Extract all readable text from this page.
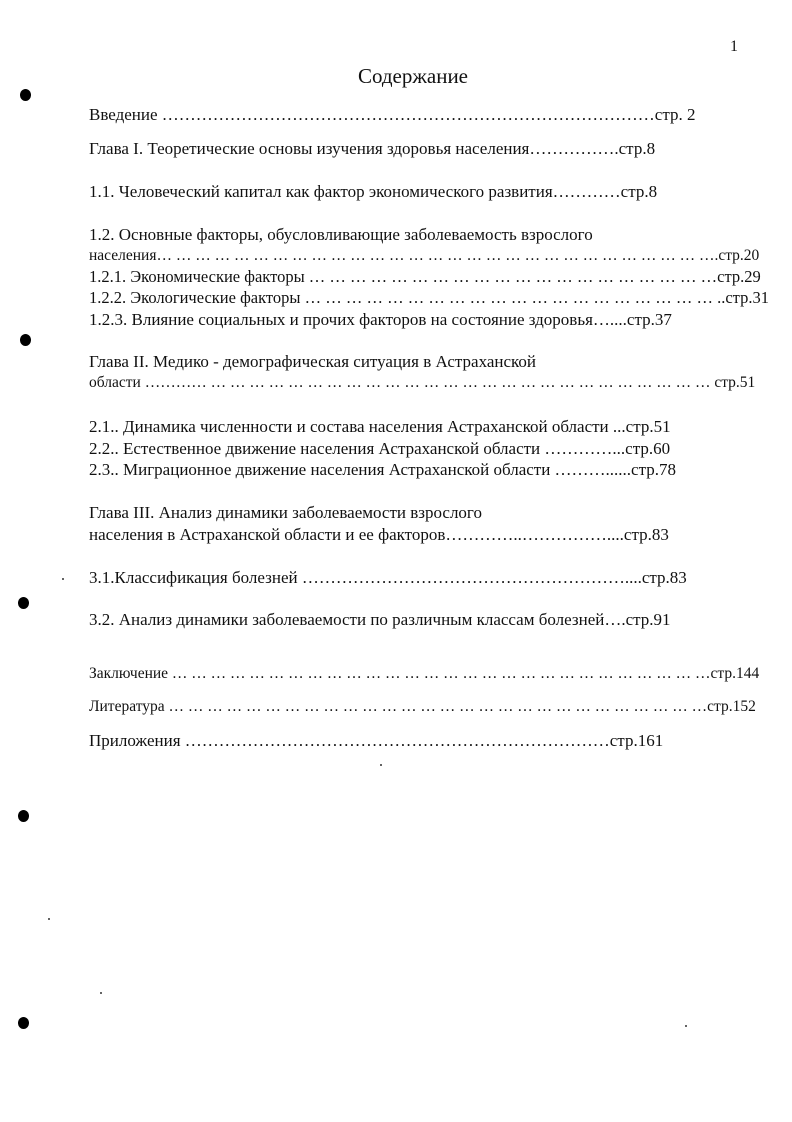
1
Содержание
Введение ……………………………………………………………………………стр. 2
Глава I. Теоретические основы изучения здоровья населения…………….стр.8
1.1. Человеческий капитал как фактор экономического развития…………стр.8
1.2. Основные факторы, обусловливающие заболеваемость взрослого
населения… … … … … … … … … … … … … … … … … … … … … … … … … … … … ….стр.20
1.2.1. Экономические факторы … … … … … … … … … … … … … … … … … … … …стр.29
1.2.2. Экологические факторы … … … … … … … … … … … … … … … … … … … … ..стр.31
1.2.3. Влияние социальных и прочих факторов на состояние здоровья…....стр.37
Глава II. Медико - демографическая ситуация в Астраханской
области ………… … … … … … … … … … … … … … … … … … … … … … … … … … … стр.51
2.1.. Динамика численности и состава населения Астраханской области ...стр.51
2.2.. Естественное движение населения Астраханской области …………...стр.60
2.3.. Миграционное движение населения Астраханской области ………......стр.78
Глава III. Анализ динамики заболеваемости взрослого
населения в Астраханской области и ее факторов…………..……………....стр.83
3.1.Классификация болезней …………………………………………………....стр.83
3.2. Анализ динамики заболеваемости по различным классам болезней….стр.91
Заключение … … … … … … … … … … … … … … … … … … … … … … … … … … … …стр.144
Литература … … … … … … … … … … … … … … … … … … … … … … … … … … … …стр.152
Приложения …………………………………………………………………стр.161
